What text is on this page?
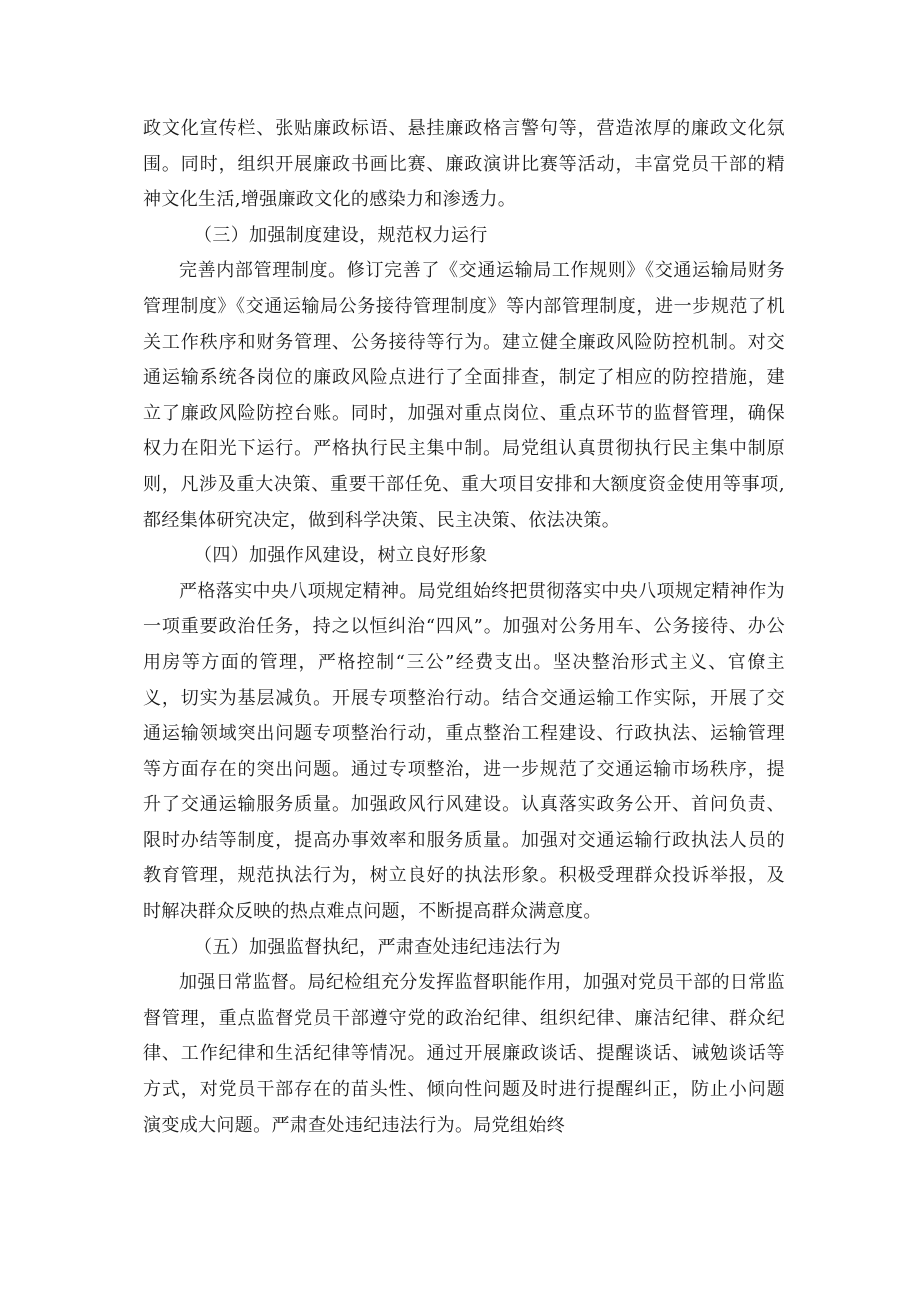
政文化宣传栏、张贴廉政标语、悬挂廉政格言警句等，营造浓厚的廉政文化氛围。同时，组织开展廉政书画比赛、廉政演讲比赛等活动，丰富党员干部的精神文化生活,增强廉政文化的感染力和渗透力。

（三）加强制度建设，规范权力运行

完善内部管理制度。修订完善了《交通运输局工作规则》《交通运输局财务管理制度》《交通运输局公务接待管理制度》等内部管理制度，进一步规范了机关工作秩序和财务管理、公务接待等行为。建立健全廉政风险防控机制。对交通运输系统各岗位的廉政风险点进行了全面排查，制定了相应的防控措施，建立了廉政风险防控台账。同时，加强对重点岗位、重点环节的监督管理，确保权力在阳光下运行。严格执行民主集中制。局党组认真贯彻执行民主集中制原则，凡涉及重大决策、重要干部任免、重大项目安排和大额度资金使用等事项,都经集体研究决定，做到科学决策、民主决策、依法决策。

（四）加强作风建设，树立良好形象

严格落实中央八项规定精神。局党组始终把贯彻落实中央八项规定精神作为一项重要政治任务，持之以恒纠治“四风”。加强对公务用车、公务接待、办公用房等方面的管理，严格控制“三公”经费支出。坚决整治形式主义、官僚主义，切实为基层减负。开展专项整治行动。结合交通运输工作实际，开展了交通运输领域突出问题专项整治行动，重点整治工程建设、行政执法、运输管理等方面存在的突出问题。通过专项整治，进一步规范了交通运输市场秩序，提升了交通运输服务质量。加强政风行风建设。认真落实政务公开、首问负责、限时办结等制度，提高办事效率和服务质量。加强对交通运输行政执法人员的教育管理，规范执法行为，树立良好的执法形象。积极受理群众投诉举报，及时解决群众反映的热点难点问题，不断提高群众满意度。

（五）加强监督执纪，严肃查处违纪违法行为

加强日常监督。局纪检组充分发挥监督职能作用，加强对党员干部的日常监督管理，重点监督党员干部遵守党的政治纪律、组织纪律、廉洁纪律、群众纪律、工作纪律和生活纪律等情况。通过开展廉政谈话、提醒谈话、诫勉谈话等方式，对党员干部存在的苗头性、倾向性问题及时进行提醒纠正，防止小问题演变成大问题。严肃查处违纪违法行为。局党组始终
